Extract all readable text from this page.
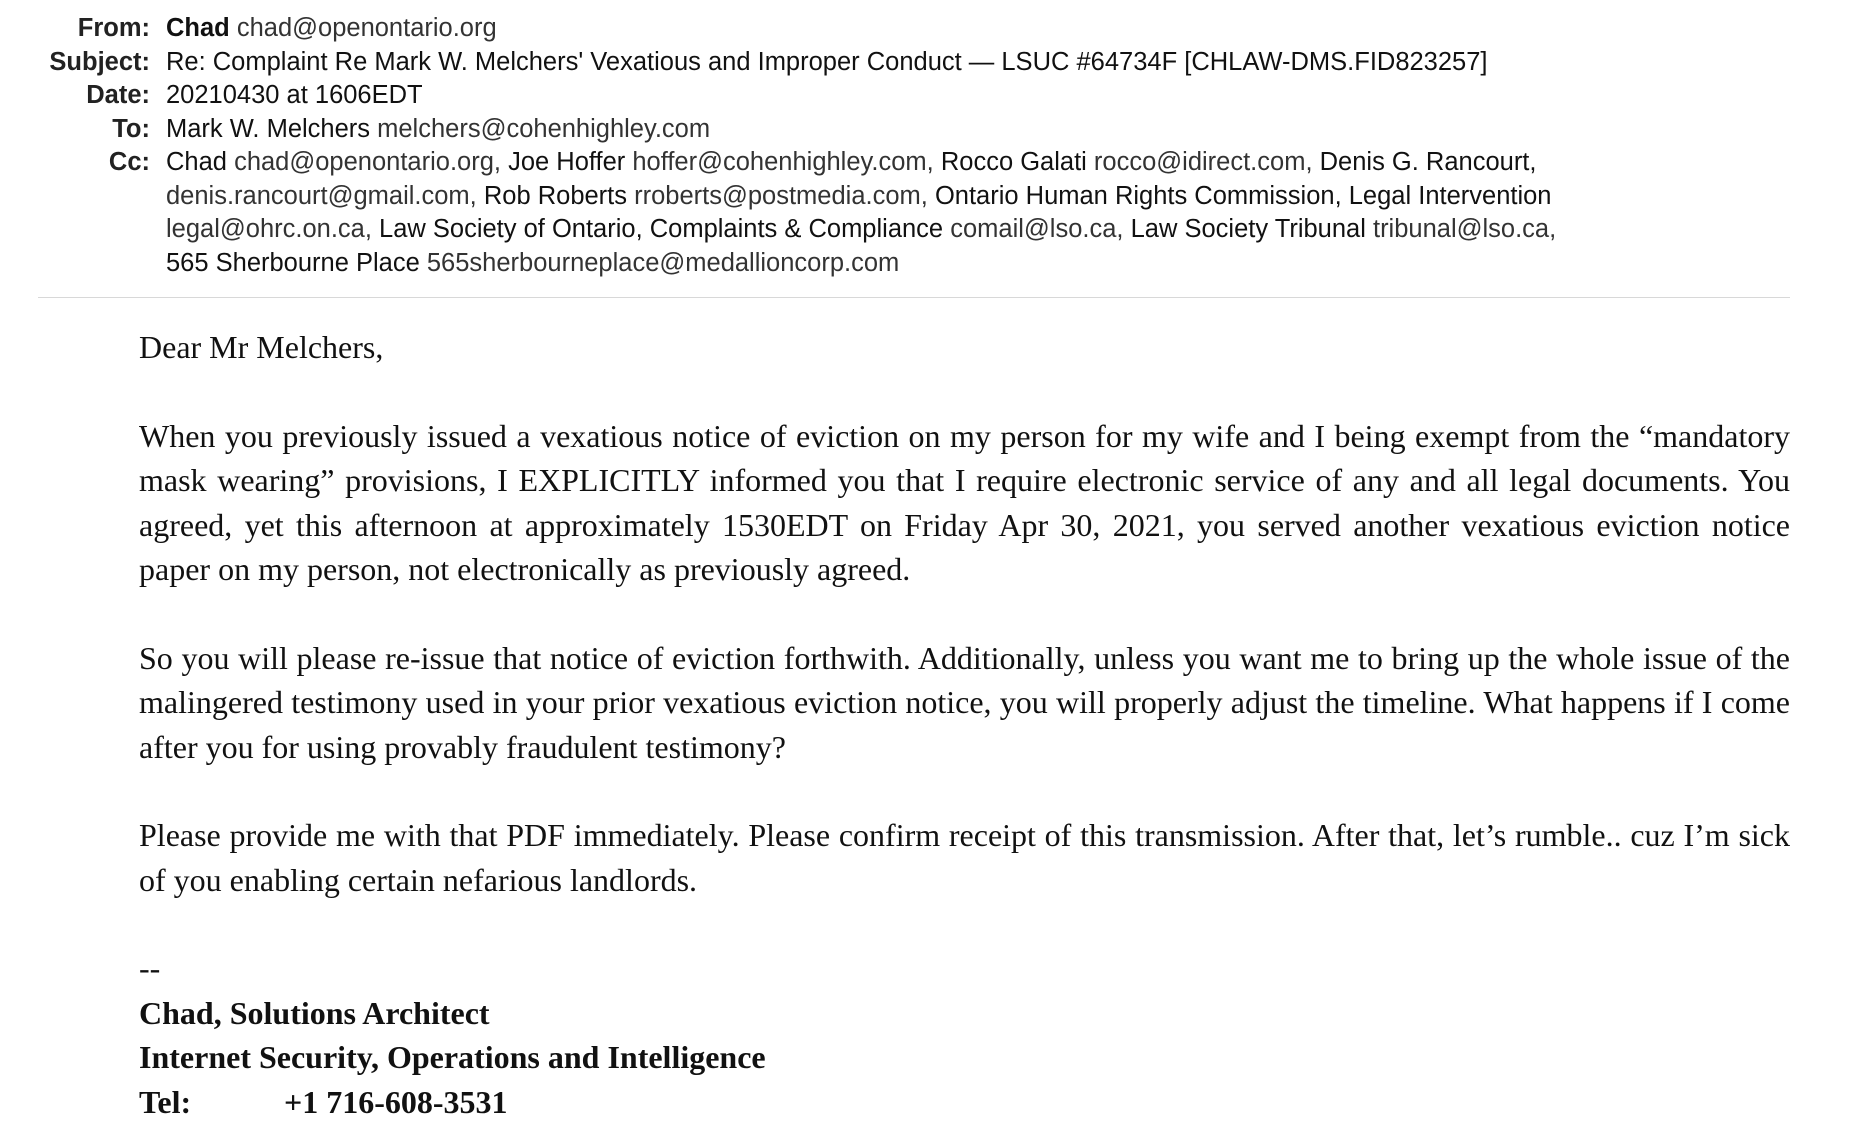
From: Chad chad@openontario.org
Subject: Re: Complaint Re Mark W. Melchers' Vexatious and Improper Conduct — LSUC #64734F [CHLAW-DMS.FID823257]
Date: 20210430 at 1606EDT
To: Mark W. Melchers melchers@cohenhighley.com
Cc: Chad chad@openontario.org, Joe Hoffer hoffer@cohenhighley.com, Rocco Galati rocco@idirect.com, Denis G. Rancourt,
denis.rancourt@gmail.com, Rob Roberts rroberts@postmedia.com, Ontario Human Rights Commission, Legal Intervention
legal@ohrc.on.ca, Law Society of Ontario, Complaints & Compliance comail@lso.ca, Law Society Tribunal tribunal@lso.ca,
565 Sherbourne Place 565sherbourneplace@medallioncorp.com

Dear Mr Melchers,

When you previously issued a vexatious notice of eviction on my person for my wife and I being exempt from the “mandatory mask wearing” provisions, I EXPLICITLY informed you that I require electronic service of any and all legal documents. You agreed, yet this afternoon at approximately 1530EDT on Friday Apr 30, 2021, you served another vexatious eviction notice paper on my person, not electronically as previously agreed.

So you will please re-issue that notice of eviction forthwith. Additionally, unless you want me to bring up the whole issue of the malingered testimony used in your prior vexatious eviction notice, you will properly adjust the timeline. What happens if I come after you for using provably fraudulent testimony?

Please provide me with that PDF immediately. Please confirm receipt of this transmission. After that, let’s rumble.. cuz I’m sick of you enabling certain nefarious landlords.

--
Chad, Solutions Architect
Internet Security, Operations and Intelligence
Tel:	+1 716-608-3531
